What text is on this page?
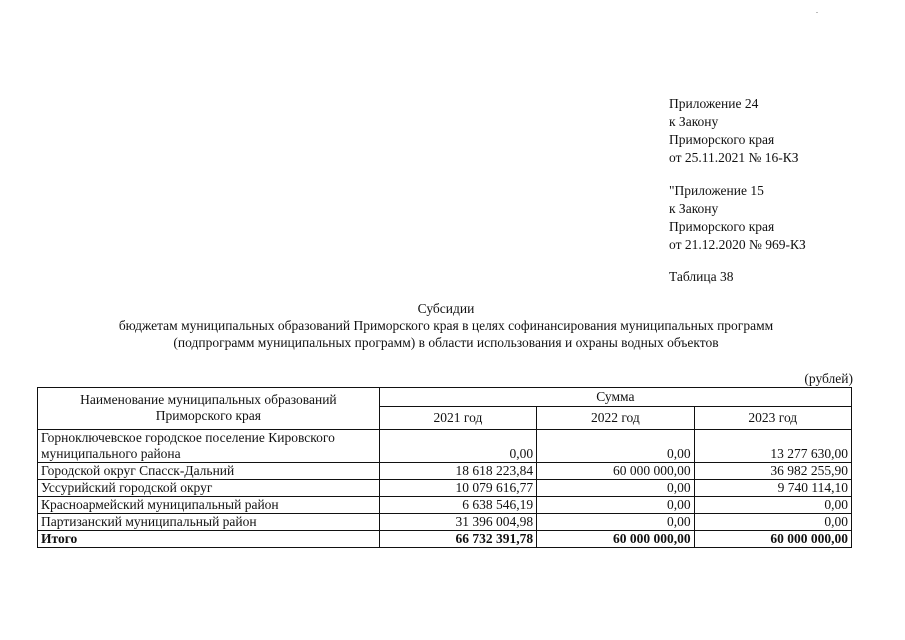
Приложение 24
к Закону
Приморского края
от 25.11.2021 № 16-КЗ
"Приложение 15
к Закону
Приморского края
от 21.12.2020 № 969-КЗ
Таблица 38
Субсидии
бюджетам муниципальных образований Приморского края в целях софинансирования муниципальных программ
(подпрограмм муниципальных программ) в области использования и охраны водных объектов
(рублей)
Наименование муниципальных образований Приморского края	Сумма		
	2021 год	2022 год	2023 год
Горноключевское городское поселение Кировского муниципального района	0,00	0,00	13 277 630,00
Городской округ Спасск-Дальний	18 618 223,84	60 000 000,00	36 982 255,90
Уссурийский городской округ	10 079 616,77	0,00	9 740 114,10
Красноармейский муниципальный район	6 638 546,19	0,00	0,00
Партизанский муниципальный район	31 396 004,98	0,00	0,00
Итого	66 732 391,78	60 000 000,00	60 000 000,00
